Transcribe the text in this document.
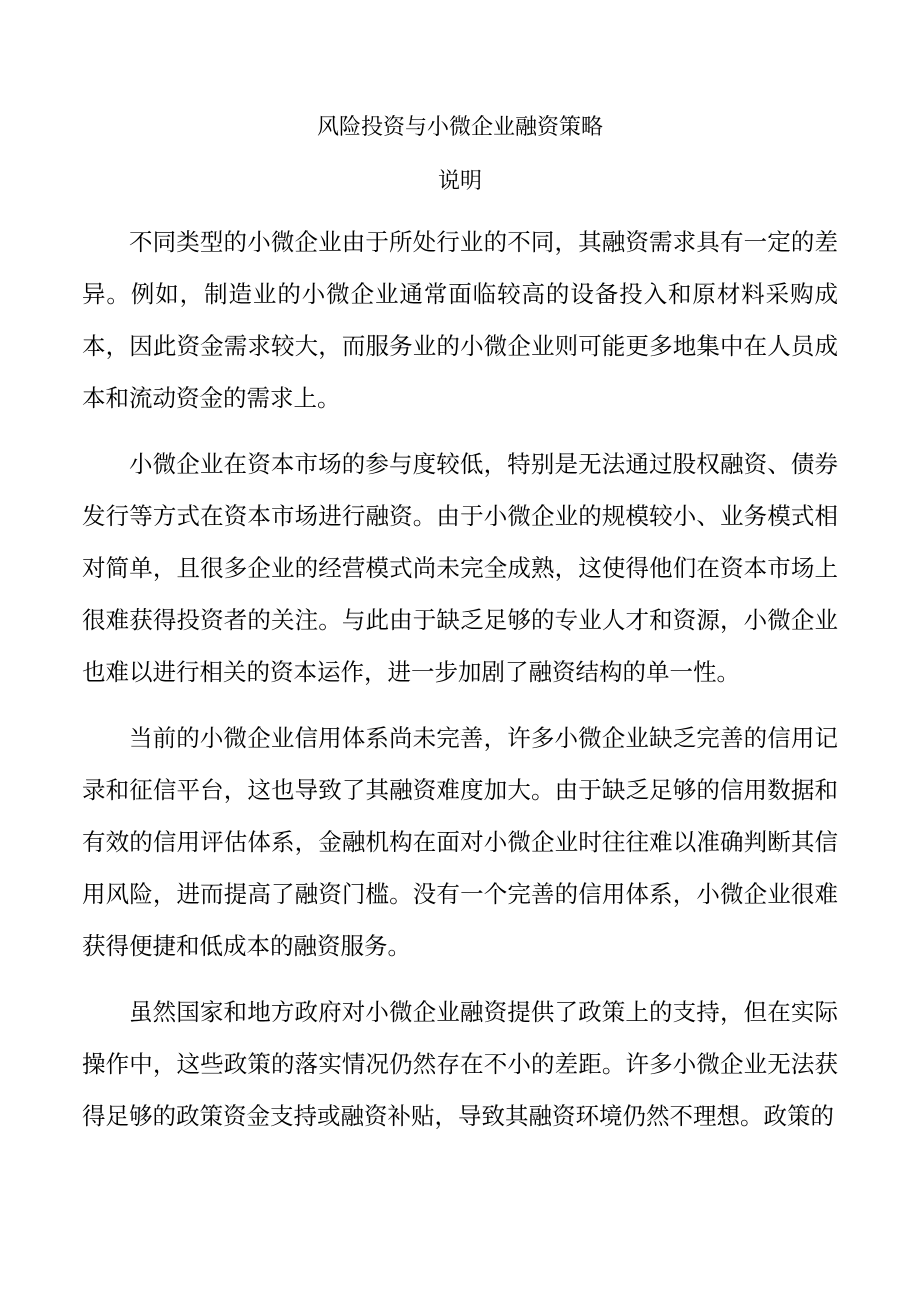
风险投资与小微企业融资策略
说明

不同类型的小微企业由于所处行业的不同，其融资需求具有一定的差异。例如，制造业的小微企业通常面临较高的设备投入和原材料采购成本，因此资金需求较大，而服务业的小微企业则可能更多地集中在人员成本和流动资金的需求上。

小微企业在资本市场的参与度较低，特别是无法通过股权融资、债券发行等方式在资本市场进行融资。由于小微企业的规模较小、业务模式相对简单，且很多企业的经营模式尚未完全成熟，这使得他们在资本市场上很难获得投资者的关注。与此由于缺乏足够的专业人才和资源，小微企业也难以进行相关的资本运作，进一步加剧了融资结构的单一性。

当前的小微企业信用体系尚未完善，许多小微企业缺乏完善的信用记录和征信平台，这也导致了其融资难度加大。由于缺乏足够的信用数据和有效的信用评估体系，金融机构在面对小微企业时往往难以准确判断其信用风险，进而提高了融资门槛。没有一个完善的信用体系，小微企业很难获得便捷和低成本的融资服务。

虽然国家和地方政府对小微企业融资提供了政策上的支持，但在实际操作中，这些政策的落实情况仍然存在不小的差距。许多小微企业无法获得足够的政策资金支持或融资补贴，导致其融资环境仍然不理想。政策的
